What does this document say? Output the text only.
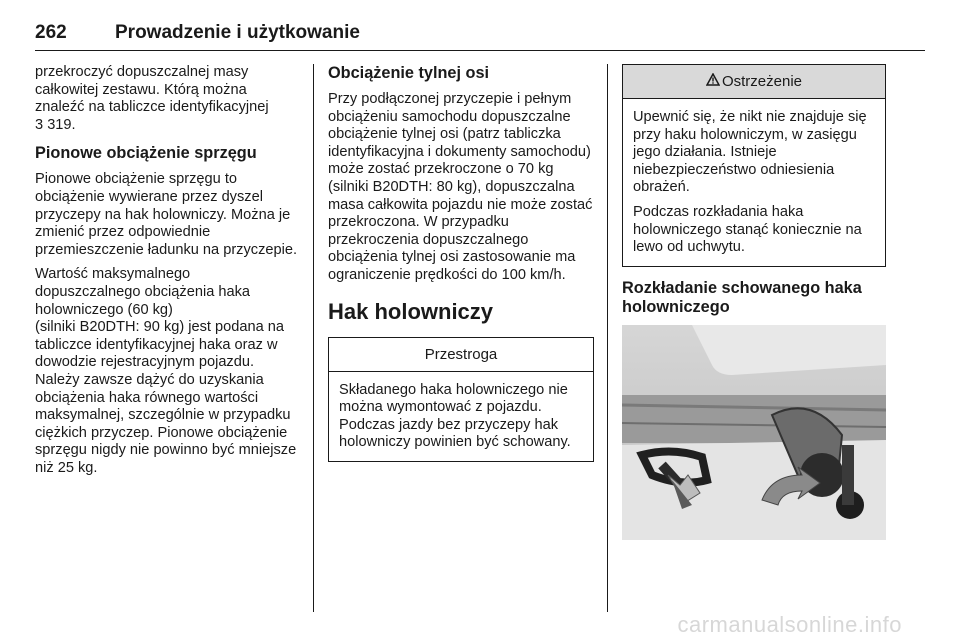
262	Prowadzenie i użytkowanie

przekroczyć dopuszczalnej masy całkowitej zestawu. Którą można znaleźć na tabliczce identyfikacyjnej
3 319.

Pionowe obciążenie sprzęgu

Pionowe obciążenie sprzęgu to obciążenie wywierane przez dyszel przyczepy na hak holowniczy. Można je zmienić przez odpowiednie przemieszczenie ładunku na przyczepie.

Wartość maksymalnego dopuszczalnego obciążenia haka holowniczego (60 kg)

(silniki B20DTH: 90 kg) jest podana na tabliczce identyfikacyjnej haka oraz w dowodzie rejestracyjnym pojazdu. Należy zawsze dążyć do uzyskania obciążenia haka równego wartości maksymalnej, szczególnie w przypadku ciężkich przyczep. Pionowe obciążenie sprzęgu nigdy nie powinno być mniejsze niż 25 kg.

Obciążenie tylnej osi

Przy podłączonej przyczepie i pełnym obciążeniu samochodu dopuszczalne obciążenie tylnej osi (patrz tabliczka identyfikacyjna i dokumenty samochodu) może zostać przekroczone o 70 kg

(silniki B20DTH: 80 kg), dopuszczalna masa całkowita pojazdu nie może zostać przekroczona. W przypadku przekroczenia dopuszczalnego obciążenia tylnej osi zastosowanie ma ograniczenie prędkości do 100 km/h.

Hak holowniczy
Przestroga

Składanego haka holowniczego nie można wymontować z pojazdu. Podczas jazdy bez przyczepy hak holowniczy powinien być schowany.

Ostrzeżenie

Upewnić się, że nikt nie znajduje się przy haku holowniczym, w zasięgu jego działania. Istnieje niebezpieczeństwo odniesienia obrażeń.

Podczas rozkładania haka holowniczego stanąć koniecznie na lewo od uchwytu.

Rozkładanie schowanego haka holowniczego
carmanualsonline.info
